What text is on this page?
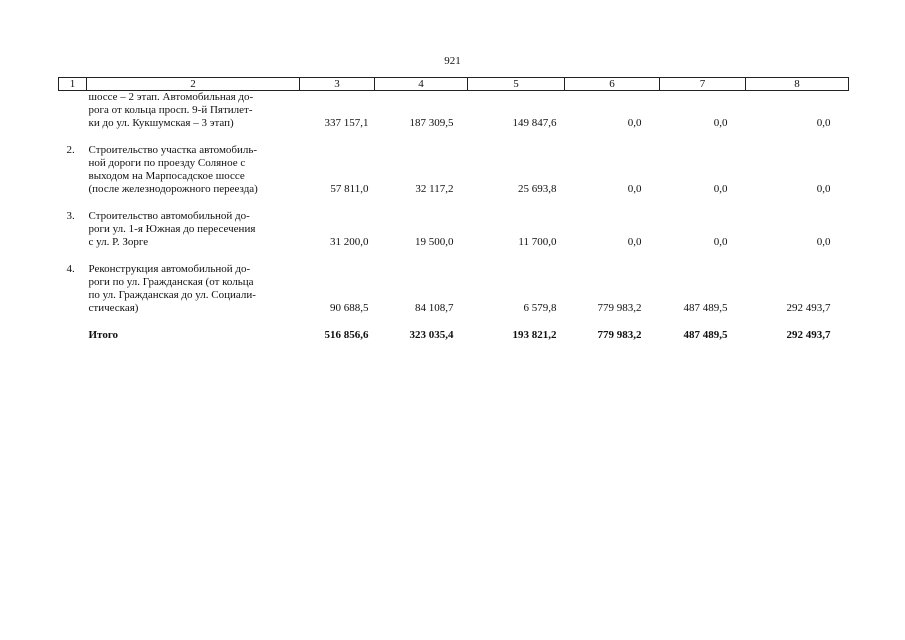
921
1	2	3	4	5	6	7	8

	шоссе – 2 этап. Автомобильная до-
рога от кольца просп. 9-й Пятилет-
ки до ул. Кукшумская – 3 этап)	337 157,1	187 309,5	149 847,6	0,0	0,0	0,0

2.	Строительство участка автомобиль-
ной дороги по проезду Соляное с
выходом на Марпосадское шоссе
(после железнодорожного переезда)	57 811,0	32 117,2	25 693,8	0,0	0,0	0,0

3.	Строительство автомобильной до-
роги ул. 1-я Южная до пересечения
с ул. Р. Зорге	31 200,0	19 500,0	11 700,0	0,0	0,0	0,0

4.	Реконструкция автомобильной до-
роги по ул. Гражданская (от кольца
по ул. Гражданская до ул. Социали-
стическая)	90 688,5	84 108,7	6 579,8	779 983,2	487 489,5	292 493,7

	Итого	516 856,6	323 035,4	193 821,2	779 983,2	487 489,5	292 493,7
